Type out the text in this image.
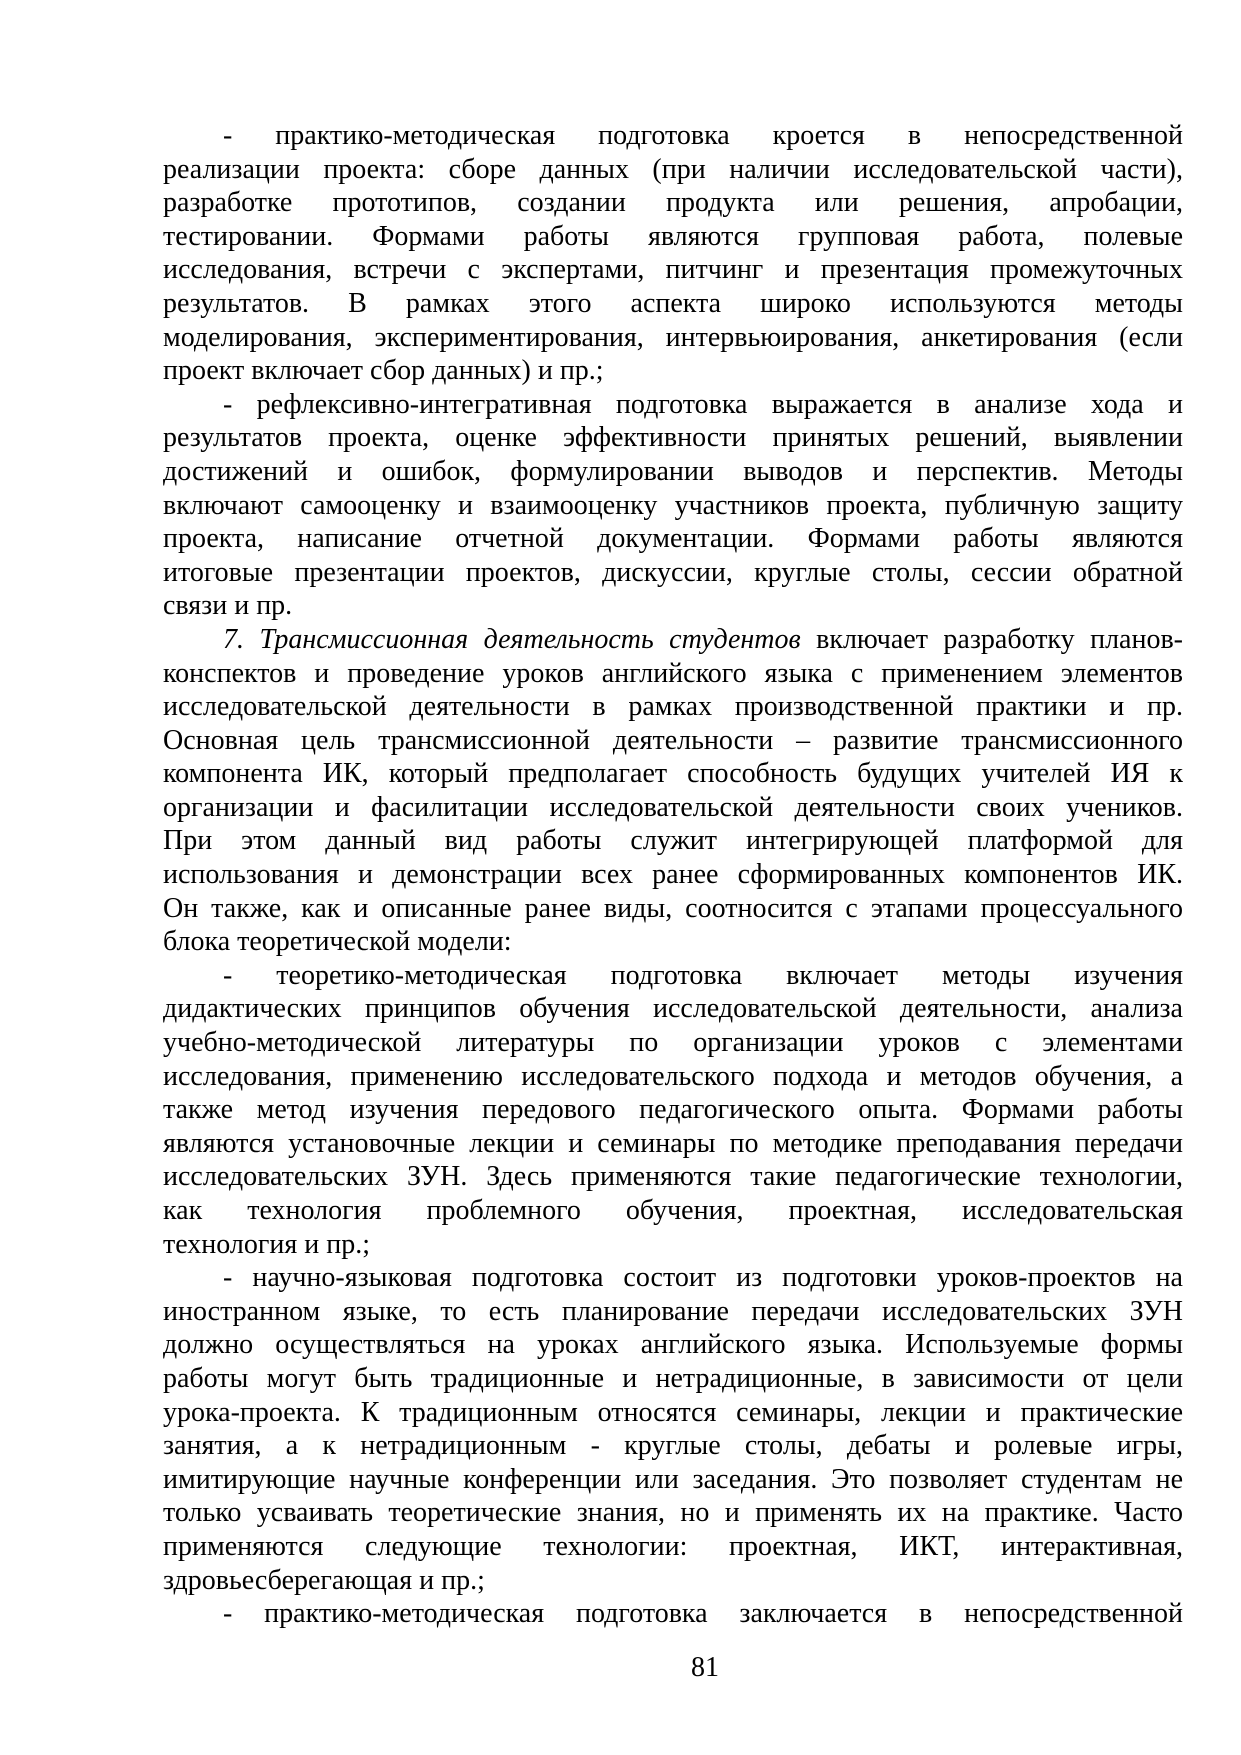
- практико-методическая подготовка кроется в непосредственной
реализации проекта: сборе данных (при наличии исследовательской части),
разработке прототипов, создании продукта или решения, апробации,
тестировании. Формами работы являются групповая работа, полевые
исследования, встречи с экспертами, питчинг и презентация промежуточных
результатов. В рамках этого аспекта широко используются методы
моделирования, экспериментирования, интервьюирования, анкетирования (если
проект включает сбор данных) и пр.;
- рефлексивно-интегративная подготовка выражается в анализе хода и
результатов проекта, оценке эффективности принятых решений, выявлении
достижений и ошибок, формулировании выводов и перспектив. Методы
включают самооценку и взаимооценку участников проекта, публичную защиту
проекта, написание отчетной документации. Формами работы являются
итоговые презентации проектов, дискуссии, круглые столы, сессии обратной
связи и пр.
7. Трансмиссионная деятельность студентов включает разработку планов-
конспектов и проведение уроков английского языка с применением элементов
исследовательской деятельности в рамках производственной практики и пр.
Основная цель трансмиссионной деятельности – развитие трансмиссионного
компонента ИК, который предполагает способность будущих учителей ИЯ к
организации и фасилитации исследовательской деятельности своих учеников.
При этом данный вид работы служит интегрирующей платформой для
использования и демонстрации всех ранее сформированных компонентов ИК.
Он также, как и описанные ранее виды, соотносится с этапами процессуального
блока теоретической модели:
- теоретико-методическая подготовка включает методы изучения
дидактических принципов обучения исследовательской деятельности, анализа
учебно-методической литературы по организации уроков с элементами
исследования, применению исследовательского подхода и методов обучения, а
также метод изучения передового педагогического опыта. Формами работы
являются установочные лекции и семинары по методике преподавания передачи
исследовательских ЗУН. Здесь применяются такие педагогические технологии,
как технология проблемного обучения, проектная, исследовательская
технология и пр.;
- научно-языковая подготовка состоит из подготовки уроков-проектов на
иностранном языке, то есть планирование передачи исследовательских ЗУН
должно осуществляться на уроках английского языка. Используемые формы
работы могут быть традиционные и нетрадиционные, в зависимости от цели
урока-проекта. К традиционным относятся семинары, лекции и практические
занятия, а к нетрадиционным - круглые столы, дебаты и ролевые игры,
имитирующие научные конференции или заседания. Это позволяет студентам не
только усваивать теоретические знания, но и применять их на практике. Часто
применяются следующие технологии: проектная, ИКТ, интерактивная,
здровьесберегающая и пр.;
- практико-методическая подготовка заключается в непосредственной
81
